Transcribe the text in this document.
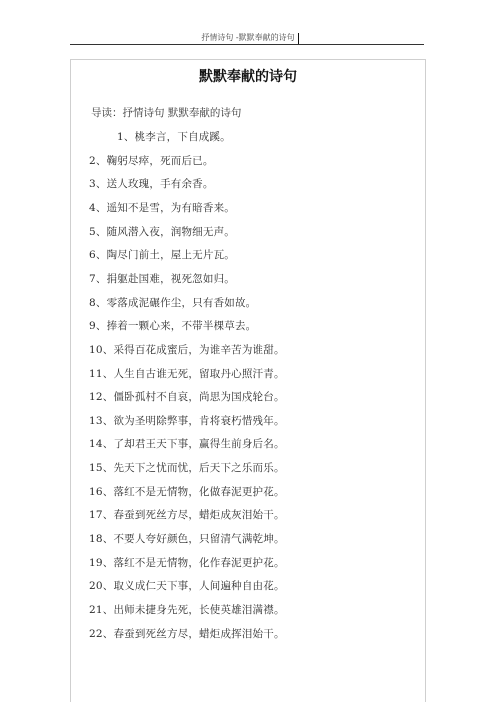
抒情诗句 -默默奉献的诗句
默默奉献的诗句
导读：抒情诗句 默默奉献的诗句
1、桃李言，下自成蹊。
2、鞠躬尽瘁，死而后已。
3、送人玫瑰，手有余香。
4、遥知不是雪，为有暗香来。
5、随风潜入夜，润物细无声。
6、陶尽门前土，屋上无片瓦。
7、捐躯赴国难，视死忽如归。
8、零落成泥碾作尘，只有香如故。
9、捧着一颗心来，不带半棵草去。
10、采得百花成蜜后，为谁辛苦为谁甜。
11、人生自古谁无死，留取丹心照汗青。
12、僵卧孤村不自哀，尚思为国戍轮台。
13、欲为圣明除弊事，肯将衰朽惜残年。
14、了却君王天下事，赢得生前身后名。
15、先天下之忧而忧，后天下之乐而乐。
16、落红不是无情物，化做春泥更护花。
17、春蚕到死丝方尽，蜡炬成灰泪始干。
18、不要人夸好颜色，只留清气满乾坤。
19、落红不是无情物，化作春泥更护花。
20、取义成仁天下事，人间遍种自由花。
21、出师未捷身先死，长使英雄泪满襟。
22、春蚕到死丝方尽，蜡炬成挥泪始干。
